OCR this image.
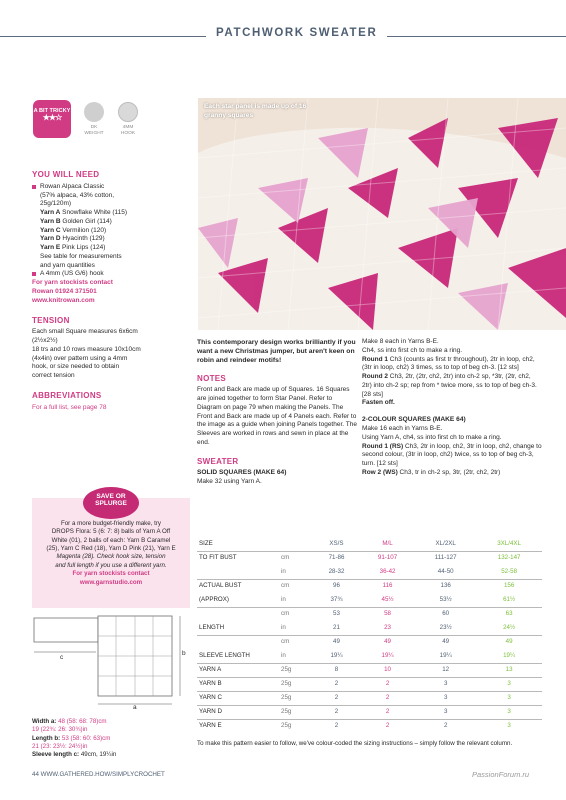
PATCHWORK SWEATER
A BIT TRICKY
★★☆
DK
WEIGHT
4MM
HOOK
Each star panel is made up of 16 granny squares
YOU WILL NEED
Rowan Alpaca Classic
(57% alpaca, 43% cotton,
25g/120m)
Yarn A Snowflake White (115)
Yarn B Golden Girl (114)
Yarn C Vermilion (120)
Yarn D Hyacinth (129)
Yarn E Pink Lips (124)
See table for measurements
and yarn quantities
A 4mm (US G/6) hook
For yarn stockists contact
Rowan 01924 371501
www.knitrowan.com
TENSION
Each small Square measures 6x6cm
(2½x2½)
18 trs and 10 rows measure 10x10cm
(4x4in) over pattern using a 4mm
hook, or size needed to obtain
correct tension
ABBREVIATIONS
For a full list, see page 78
For a more budget-friendly make, try
DROPS Flora: 5 (6: 7: 8) balls of Yarn A Off
White (01), 2 balls of each: Yarn B Caramel
(25), Yarn C Red (18), Yarn D Pink (21), Yarn E
Magenta (28). Check hook size, tension
and full length if you use a different yarn.
For yarn stockists contact
www.garnstudio.com
SAVE OR
SPLURGE
c
a
b
Width a: 48 (58: 68: 78)cm
19 (22¾: 26: 30¾)in
Length b: 53 (58: 60: 63)cm
21 (23: 23½: 24½)in
Sleeve length c: 49cm, 19¼in

This contemporary design works brilliantly if you want a new Christmas jumper, but aren't keen on robin and reindeer motifs!

NOTES

Front and Back are made up of Squares. 16 Squares are joined together to form Star Panel. Refer to Diagram on page 79 when making the Panels. The Front and Back are made up of 4 Panels each. Refer to the image as a guide when joining Panels together. The Sleeves are worked in rows and sewn in place at the end.

SWEATER
SOLID SQUARES (MAKE 64)

Make 32 using Yarn A.

Make 8 each in Yarns B-E.

Ch4, ss into first ch to make a ring.

Round 1 Ch3 (counts as first tr throughout), 2tr in loop, ch2, (3tr in loop, ch2) 3 times, ss to top of beg ch-3. [12 sts]

Round 2 Ch3, 2tr, (2tr, ch2, 2tr) into ch-2 sp, *3tr, (2tr, ch2, 2tr) into ch-2 sp; rep from * twice more, ss to top of beg ch-3. [28 sts]

Fasten off.

2-COLOUR SQUARES (MAKE 64)

Make 16 each in Yarns B-E.

Using Yarn A, ch4, ss into first ch to make a ring.

Round 1 (RS) Ch3, 2tr in loop, ch2, 3tr in loop, ch2, change to second colour, (3tr in loop, ch2) twice, ss to top of beg ch-3, turn. [12 sts]

Row 2 (WS) Ch3, tr in ch-2 sp, 3tr, (2tr, ch2, 2tr)

SIZE		XS/S	M/L	XL/2XL	3XL/4XL
TO FIT BUST	cm	71-86	91-107	111-127	132-147
	in	28-32	36-42	44-50	52-58
ACTUAL BUST	cm	96	116	136	156
(APPROX)	in	37¾	45½	53½	61½
	cm	53	58	60	63
LENGTH	in	21	23	23½	24½
	cm	49	49	49	49
SLEEVE LENGTH	in	19¼	19¼	19¼	19¼
YARN A	25g	8	10	12	13
YARN B	25g	2	2	3	3
YARN C	25g	2	2	3	3
YARN D	25g	2	2	3	3
YARN E	25g	2	2	2	3
To make this pattern easier to follow, we've colour-coded the sizing instructions – simply follow the relevant column.
44 WWW.GATHERED.HOW/SIMPLYCROCHET	PassionForum.ru
